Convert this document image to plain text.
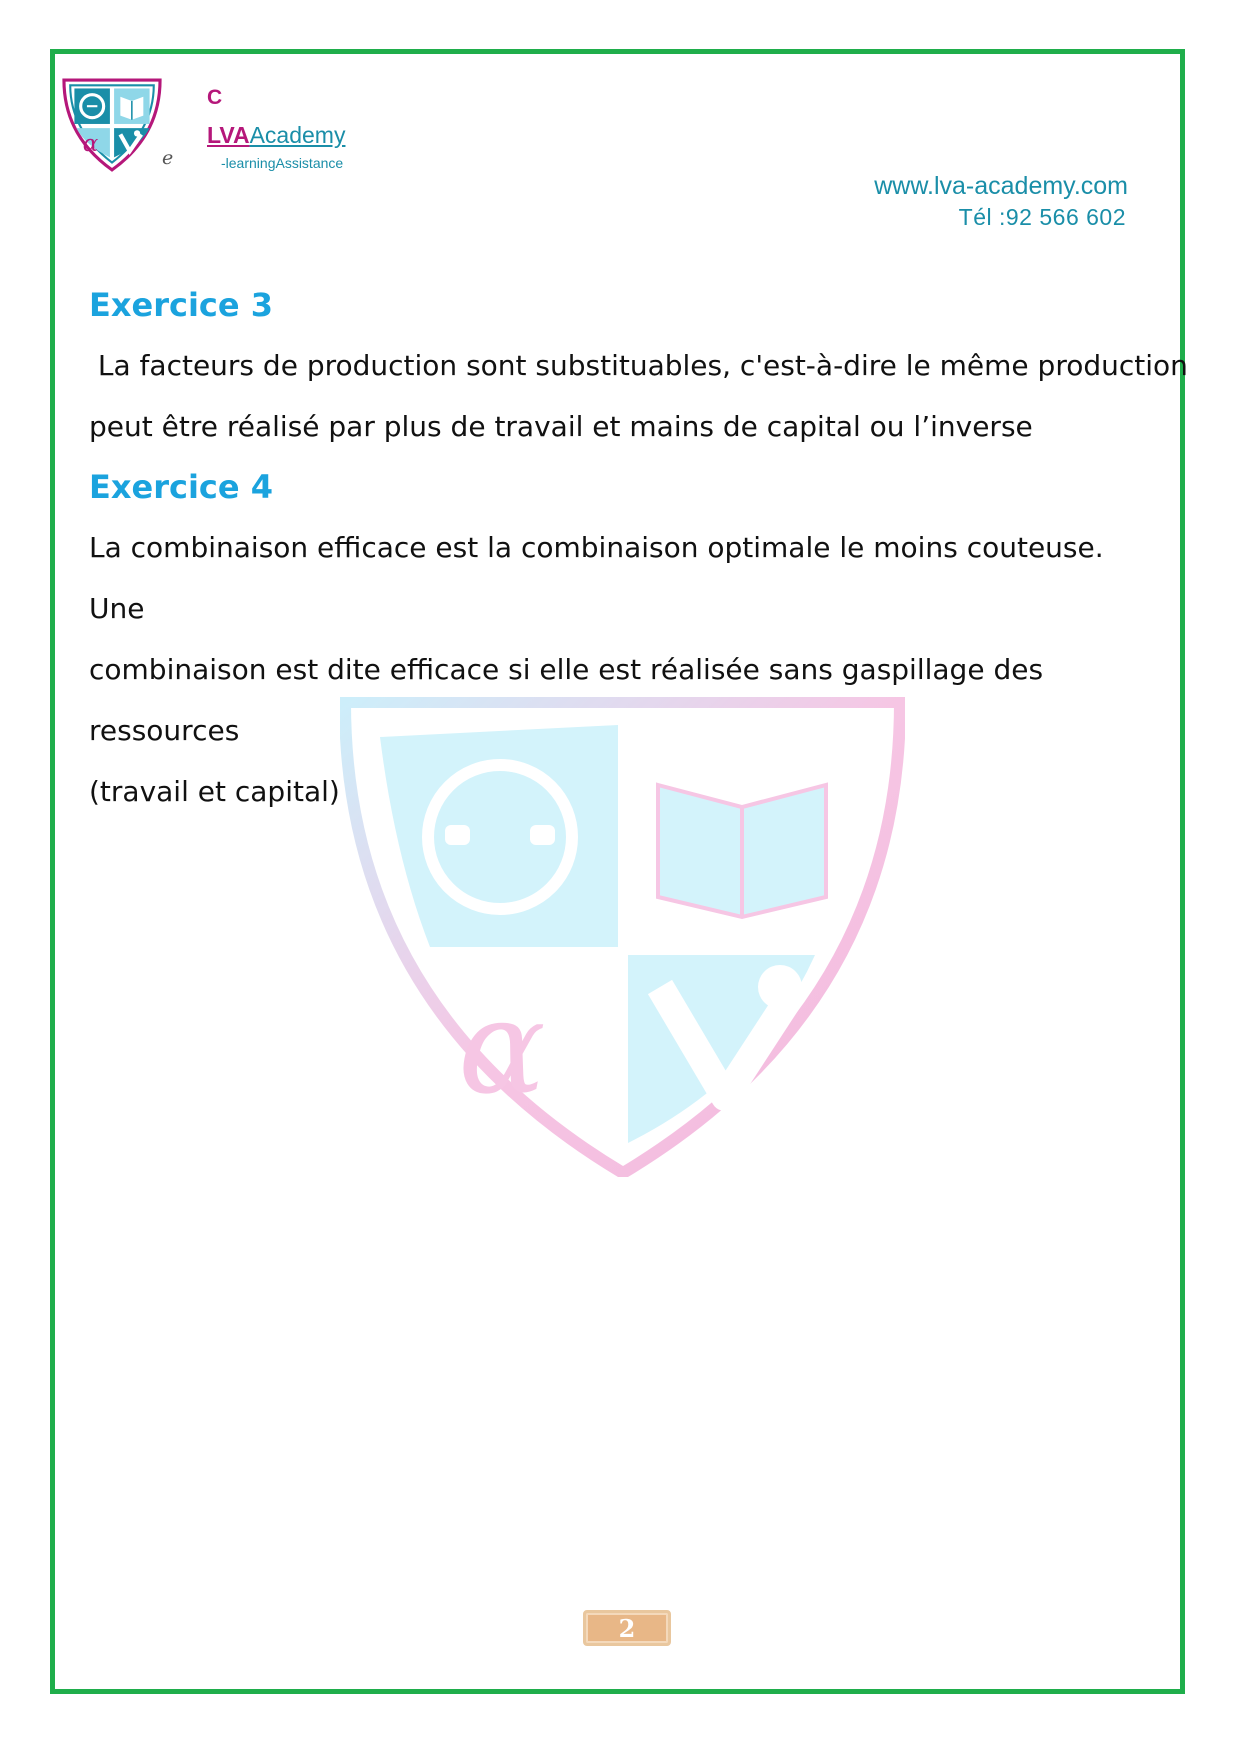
α
C
LVAAcademy
e	-learningAssistance
www.lva-academy.com
Tél :92 566 602
α
Exercice 3

La facteurs de production sont substituables, c'est-à-dire le même production

peut être réalisé par plus de travail et mains de capital ou l’inverse

Exercice 4

La combinaison efficace est la combinaison optimale le moins couteuse. Une

combinaison est dite efficace si elle est réalisée sans gaspillage des ressources

(travail et capital)

2
